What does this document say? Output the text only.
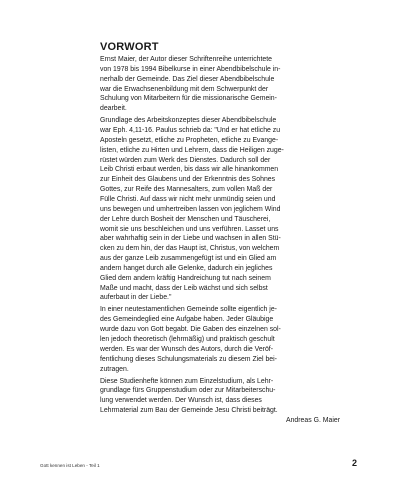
VORWORT
Ernst Maier, der Autor dieser Schriftenreihe unterrichtete
von 1978 bis 1994 Bibelkurse in einer Abendbibelschule in-
nerhalb der Gemeinde. Das Ziel dieser Abendbibelschule
war die Erwachsenenbildung mit dem Schwerpunkt der
Schulung von Mitarbeitern für die missionarische Gemein-
dearbeit.
Grundlage des Arbeitskonzeptes dieser Abendbibelschule
war Eph. 4,11-16. Paulus schrieb da: "Und er hat etliche zu
Aposteln gesetzt, etliche zu Propheten, etliche zu Evange-
listen, etliche zu Hirten und Lehrern, dass die Heiligen zuge-
rüstet würden zum Werk des Dienstes. Dadurch soll der
Leib Christi erbaut werden, bis dass wir alle hinankommen
zur Einheit des Glaubens und der Erkenntnis des Sohnes
Gottes, zur Reife des Mannesalters, zum vollen Maß der
Fülle Christi. Auf dass wir nicht mehr unmündig seien und
uns bewegen und umhertreiben lassen von jeglichem Wind
der Lehre durch Bosheit der Menschen und Täuscherei,
womit sie uns beschleichen und uns verführen. Lasset uns
aber wahrhaftig sein in der Liebe und wachsen in allen Stü-
cken zu dem hin, der das Haupt ist, Christus, von welchem
aus der ganze Leib zusammengefügt ist und ein Glied am
andern hanget durch alle Gelenke, dadurch ein jegliches
Glied dem andern kräftig Handreichung tut nach seinem
Maße und macht, dass der Leib wächst und sich selbst
auferbaut in der Liebe."
In einer neutestamentlichen Gemeinde sollte eigentlich je-
des Gemeindeglied eine Aufgabe haben. Jeder Gläubige
wurde dazu von Gott begabt. Die Gaben des einzelnen sol-
len jedoch theoretisch (lehrmäßig) und praktisch geschult
werden. Es war der Wunsch des Autors, durch die Veröf-
fentlichung dieses Schulungsmaterials zu diesem Ziel bei-
zutragen.
Diese Studienhefte können zum Einzelstudium, als Lehr-
grundlage fürs Gruppenstudium oder zur Mitarbeiterschu-
lung verwendet werden. Der Wunsch ist, dass dieses
Lehrmaterial zum Bau der Gemeinde Jesu Christi beiträgt.
Andreas G. Maier
Gott kennen ist Leben - Teil 1	2
